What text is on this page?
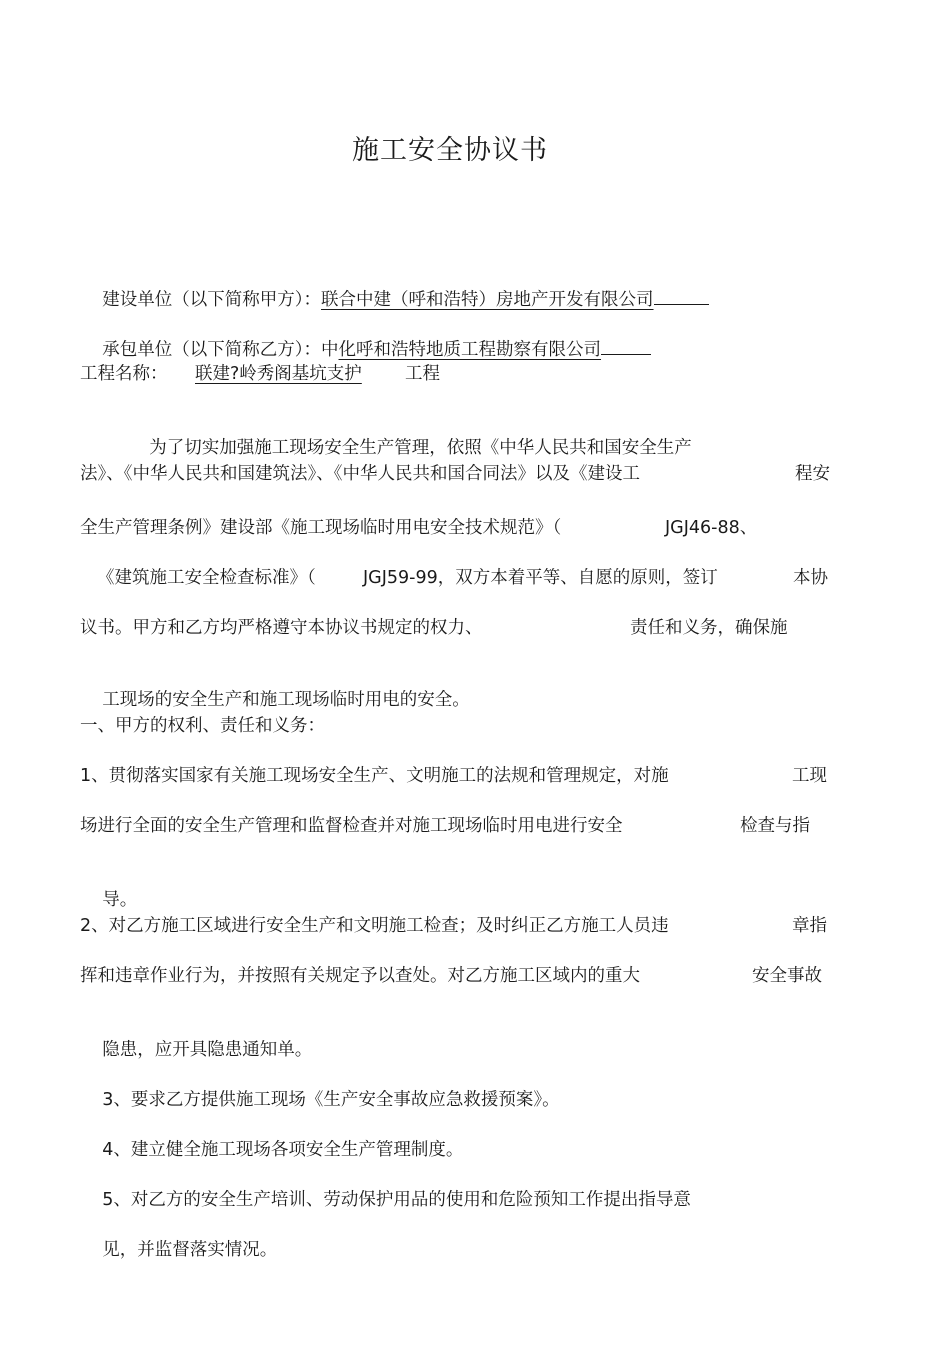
施工安全协议书

建设单位（以下简称甲方）：联合中建（呼和浩特）房地产开发有限公司

承包单位（以下简称乙方）：中化呼和浩特地质工程勘察有限公司

工程名称：

联建?岭秀阁基坑支护

工程

为了切实加强施工现场安全生产管理，依照《中华人民共和国安全生产

法》、《中华人民共和国建筑法》、《中华人民共和国合同法》以及《建设工

	程安

全生产管理条例》建设部《施工现场临时用电安全技术规范》（

	JGJ46-88、

《建筑施工安全检查标准》（

	JGJ59-99，双方本着平等、自愿的原则，签订

	本协

议书。甲方和乙方均严格遵守本协议书规定的权力、

	责任和义务，确保施

工现场的安全生产和施工现场临时用电的安全。

一、甲方的权利、责任和义务：

1、贯彻落实国家有关施工现场安全生产、文明施工的法规和管理规定，对施

	工现

场进行全面的安全生产管理和监督检查并对施工现场临时用电进行安全

	检查与指

导。

2、对乙方施工区域进行安全生产和文明施工检查；及时纠正乙方施工人员违

	章指

挥和违章作业行为，并按照有关规定予以查处。对乙方施工区域内的重大

	安全事故

隐患，应开具隐患通知单。

3、要求乙方提供施工现场《生产安全事故应急救援预案》。

4、建立健全施工现场各项安全生产管理制度。

5、对乙方的安全生产培训、劳动保护用品的使用和危险预知工作提出指导意

见，并监督落实情况。
